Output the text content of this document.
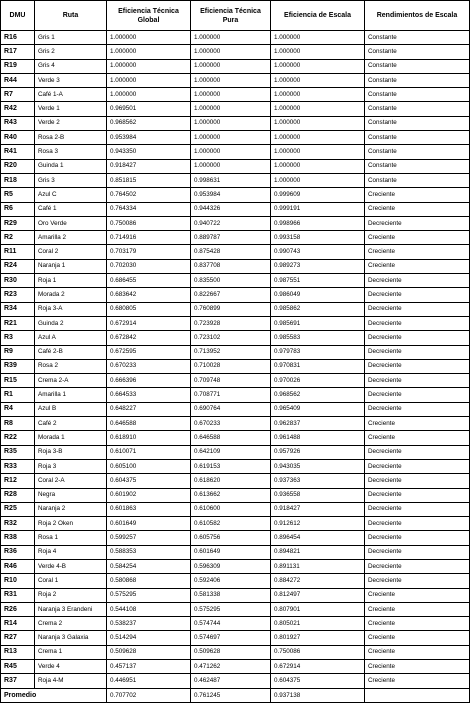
DMU	Ruta	Eficiencia Técnica Global	Eficiencia Técnica Pura	Eficiencia de Escala	Rendimientos de Escala
R16	Gris 1	1.000000	1.000000	1.000000	Constante
R17	Gris 2	1.000000	1.000000	1.000000	Constante
R19	Gris 4	1.000000	1.000000	1.000000	Constante
R44	Verde 3	1.000000	1.000000	1.000000	Constante
R7	Café 1-A	1.000000	1.000000	1.000000	Constante
R42	Verde 1	0.969501	1.000000	1.000000	Constante
R43	Verde 2	0.968562	1.000000	1.000000	Constante
R40	Rosa 2-B	0.953984	1.000000	1.000000	Constante
R41	Rosa 3	0.943350	1.000000	1.000000	Constante
R20	Guinda 1	0.918427	1.000000	1.000000	Constante
R18	Gris 3	0.851815	0.998631	1.000000	Constante
R5	Azul C	0.764502	0.953984	0.999609	Creciente
R6	Café 1	0.764334	0.944326	0.999191	Creciente
R29	Oro Verde	0.750086	0.940722	0.998966	Decreciente
R2	Amarilla 2	0.714916	0.889787	0.993158	Creciente
R11	Coral 2	0.703179	0.875428	0.990743	Creciente
R24	Naranja 1	0.702030	0.837708	0.989273	Creciente
R30	Roja 1	0.686455	0.835500	0.987551	Decreciente
R23	Morada 2	0.683642	0.822667	0.986049	Decreciente
R34	Roja 3-A	0.680805	0.760899	0.985862	Decreciente
R21	Guinda 2	0.672914	0.723928	0.985691	Decreciente
R3	Azul A	0.672842	0.723102	0.985583	Decreciente
R9	Café 2-B	0.672595	0.713952	0.979783	Decreciente
R39	Rosa 2	0.670233	0.710028	0.970831	Decreciente
R15	Crema 2-A	0.666396	0.709748	0.970026	Decreciente
R1	Amarilla 1	0.664533	0.708771	0.968562	Decreciente
R4	Azul B	0.648227	0.690764	0.965409	Decreciente
R8	Café 2	0.646588	0.670233	0.962837	Creciente
R22	Morada 1	0.618910	0.646588	0.961488	Creciente
R35	Roja 3-B	0.610071	0.642109	0.957926	Decreciente
R33	Roja 3	0.605100	0.619153	0.943035	Decreciente
R12	Coral 2-A	0.604375	0.618620	0.937363	Decreciente
R28	Negra	0.601902	0.613662	0.936558	Decreciente
R25	Naranja 2	0.601863	0.610600	0.918427	Decreciente
R32	Roja 2 Oken	0.601649	0.610582	0.912612	Decreciente
R38	Rosa 1	0.599257	0.605756	0.896454	Decreciente
R36	Roja 4	0.588353	0.601649	0.894821	Decreciente
R46	Verde 4-B	0.584254	0.596309	0.891131	Decreciente
R10	Coral 1	0.580868	0.592406	0.884272	Decreciente
R31	Roja 2	0.575295	0.581338	0.812497	Creciente
R26	Naranja 3 Erandeni	0.544108	0.575295	0.807901	Creciente
R14	Crema 2	0.538237	0.574744	0.805021	Creciente
R27	Naranja 3 Galaxia	0.514294	0.574697	0.801927	Creciente
R13	Crema 1	0.509628	0.509628	0.750086	Creciente
R45	Verde 4	0.457137	0.471262	0.672914	Creciente
R37	Roja 4-M	0.446951	0.462487	0.604375	Creciente
Promedio		0.707702	0.761245	0.937138	
